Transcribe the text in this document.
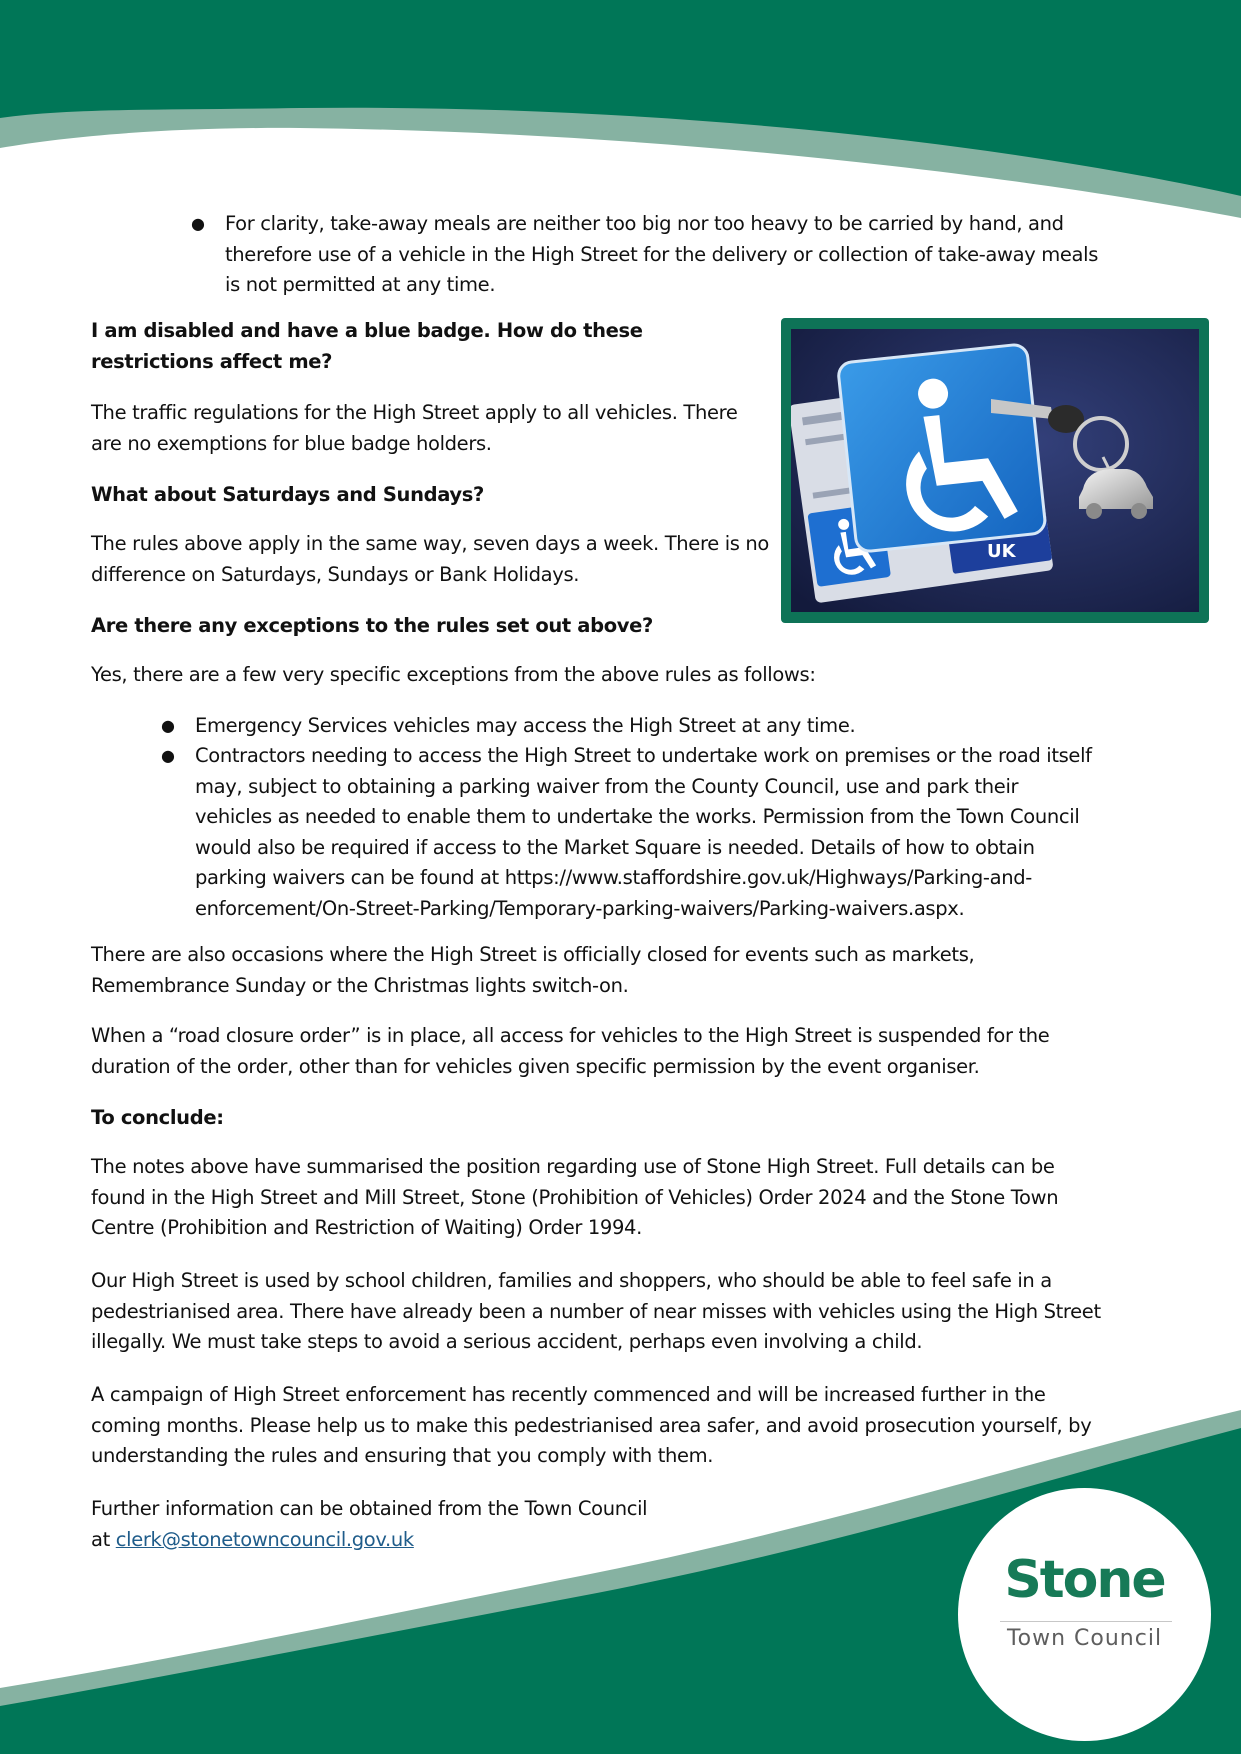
● For clarity, take-away meals are neither too big nor too heavy to be carried by hand, and therefore use of a vehicle in the High Street for the delivery or collection of take-away meals is not permitted at any time.

I am disabled and have a blue badge. How do these restrictions affect me?

The traffic regulations for the High Street apply to all vehicles. There are no exemptions for blue badge holders.

What about Saturdays and Sundays?

The rules above apply in the same way, seven days a week. There is no difference on Saturdays, Sundays or Bank Holidays.

Are there any exceptions to the rules set out above?

Yes, there are a few very specific exceptions from the above rules as follows:

● Emergency Services vehicles may access the High Street at any time.
● Contractors needing to access the High Street to undertake work on premises or the road itself may, subject to obtaining a parking waiver from the County Council, use and park their vehicles as needed to enable them to undertake the works. Permission from the Town Council would also be required if access to the Market Square is needed. Details of how to obtain parking waivers can be found at https://www.staffordshire.gov.uk/Highways/Parking-and-enforcement/On-Street-Parking/Temporary-parking-waivers/Parking-waivers.aspx.

There are also occasions where the High Street is officially closed for events such as markets, Remembrance Sunday or the Christmas lights switch-on.

When a “road closure order” is in place, all access for vehicles to the High Street is suspended for the duration of the order, other than for vehicles given specific permission by the event organiser.

To conclude:

The notes above have summarised the position regarding use of Stone High Street. Full details can be found in the High Street and Mill Street, Stone (Prohibition of Vehicles) Order 2024 and the Stone Town Centre (Prohibition and Restriction of Waiting) Order 1994.

Our High Street is used by school children, families and shoppers, who should be able to feel safe in a pedestrianised area. There have already been a number of near misses with vehicles using the High Street illegally. We must take steps to avoid a serious accident, perhaps even involving a child.

A campaign of High Street enforcement has recently commenced and will be increased further in the coming months. Please help us to make this pedestrianised area safer, and avoid prosecution yourself, by understanding the rules and ensuring that you comply with them.

Further information can be obtained from the Town Council

at clerk@stonetowncouncil.gov.uk

UK
Stone
Town Council
